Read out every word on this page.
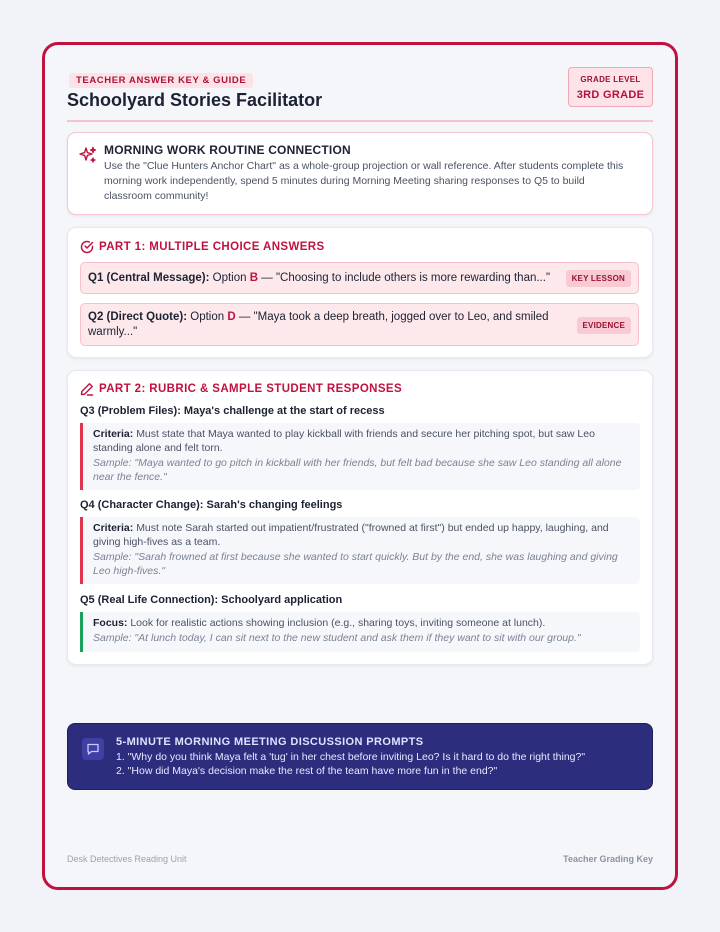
TEACHER ANSWER KEY & GUIDE
Schoolyard Stories Facilitator
GRADE LEVEL
3RD GRADE
MORNING WORK ROUTINE CONNECTION
Use the "Clue Hunters Anchor Chart" as a whole-group projection or wall reference. After students complete this morning work independently, spend 5 minutes during Morning Meeting sharing responses to Q5 to build classroom community!
PART 1: MULTIPLE CHOICE ANSWERS
Q1 (Central Message): Option B — "Choosing to include others is more rewarding than..."	KEY LESSON
Q2 (Direct Quote): Option D — "Maya took a deep breath, jogged over to Leo, and smiled
warmly..."
EVIDENCE
PART 2: RUBRIC & SAMPLE STUDENT RESPONSES
Q3 (Problem Files): Maya's challenge at the start of recess

Criteria: Must state that Maya wanted to play kickball with friends and secure her pitching spot, but saw Leo standing alone and felt torn.

Sample: "Maya wanted to go pitch in kickball with her friends, but felt bad because she saw Leo standing all alone near the fence."

Q4 (Character Change): Sarah's changing feelings

Criteria: Must note Sarah started out impatient/frustrated ("frowned at first") but ended up happy, laughing, and giving high-fives as a team.

Sample: "Sarah frowned at first because she wanted to start quickly. But by the end, she was laughing and giving Leo high-fives."

Q5 (Real Life Connection): Schoolyard application

Focus: Look for realistic actions showing inclusion (e.g., sharing toys, inviting someone at lunch).

Sample: "At lunch today, I can sit next to the new student and ask them if they want to sit with our group."

5-MINUTE MORNING MEETING DISCUSSION PROMPTS
1. "Why do you think Maya felt a 'tug' in her chest before inviting Leo? Is it hard to do the right thing?"
2. "How did Maya's decision make the rest of the team have more fun in the end?"
Desk Detectives Reading Unit	Teacher Grading Key
